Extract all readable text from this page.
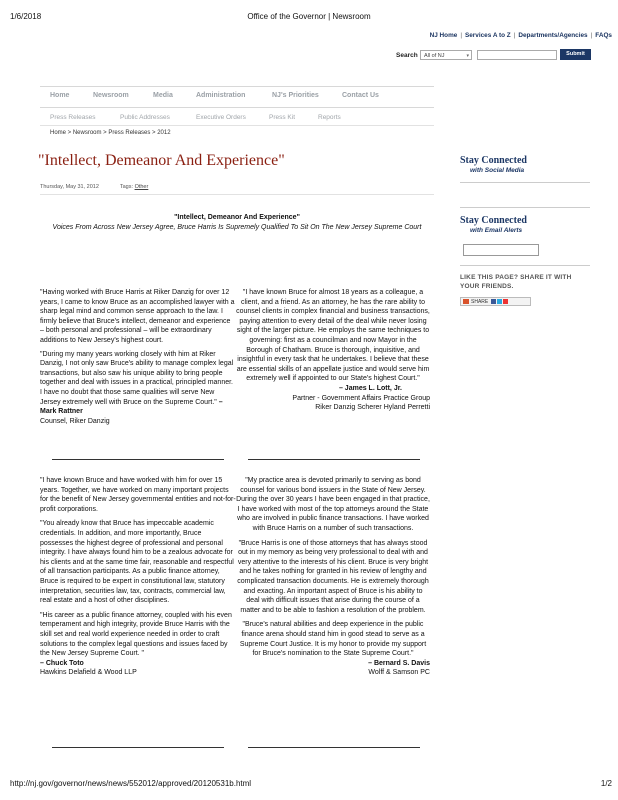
1/6/2018	Office of the Governor | Newsroom
NJ Home | Services A to Z | Departments/Agencies | FAQs
Search	All of NJ	▾	Submit
Home	Newsroom	Media	Administration	NJ's Priorities	Contact Us
Press Releases	Public Addresses	Executive Orders	Press Kit	Reports
Home > Newsroom > Press Releases > 2012
"Intellect, Demeanor And Experience"
Thursday, May 31, 2012	Tags: Other
Stay Connected
with Social Media
Stay Connected
with Email Alerts
LIKE THIS PAGE? SHARE IT WITH YOUR FRIENDS.
SHARE
"Intellect, Demeanor And Experience"
Voices From Across New Jersey Agree, Bruce Harris Is Supremely Qualified To Sit On The New Jersey Supreme Court

"Having worked with Bruce Harris at Riker Danzig for over 12 years, I came to know Bruce as an accomplished lawyer with a sharp legal mind and common sense approach to the law. I firmly believe that Bruce's intellect, demeanor and experience – both personal and professional – will be extraordinary additions to New Jersey's highest court.

"During my many years working closely with him at Riker Danzig, I not only saw Bruce's ability to manage complex legal transactions, but also saw his unique ability to bring people together and deal with issues in a practical, principled manner. I have no doubt that those same qualities will serve New Jersey extremely well with Bruce on the Supreme Court." – Mark Rattner

Counsel, Riker Danzig

"I have known Bruce for almost 18 years as a colleague, a client, and a friend. As an attorney, he has the rare ability to counsel clients in complex financial and business transactions, paying attention to every detail of the deal while never losing sight of the larger picture. He employs the same techniques to governing: first as a councilman and now Mayor in the Borough of Chatham. Bruce is thorough, inquisitive, and insightful in every task that he undertakes. I believe that these are essential skills of an appellate justice and would serve him extremely well if appointed to our State's highest Court."

– James L. Lott, Jr.

Partner - Government Affairs Practice Group

Riker Danzig Scherer Hyland Perretti

"I have known Bruce and have worked with him for over 15 years. Together, we have worked on many important projects for the benefit of New Jersey governmental entities and not-for-profit corporations.

"You already know that Bruce has impeccable academic credentials. In addition, and more importantly, Bruce possesses the highest degree of professional and personal integrity. I have always found him to be a zealous advocate for his clients and at the same time fair, reasonable and respectful of all transaction participants. As a public finance attorney, Bruce is required to be expert in constitutional law, statutory interpretation, securities law, tax, contracts, commercial law, real estate and a host of other disciplines.

"His career as a public finance attorney, coupled with his even temperament and high integrity, provide Bruce Harris with the skill set and real world experience needed in order to craft solutions to the complex legal questions and issues faced by the New Jersey Supreme Court. "

– Chuck Toto

Hawkins Delafield & Wood LLP

"My practice area is devoted primarily to serving as bond counsel for various bond issuers in the State of New Jersey. During the over 30 years I have been engaged in that practice, I have worked with most of the top attorneys around the State who are involved in public finance transactions. I have worked with Bruce Harris on a number of such transactions.

"Bruce Harris is one of those attorneys that has always stood out in my memory as being very professional to deal with and very attentive to the interests of his client. Bruce is very bright and he takes nothing for granted in his review of lengthy and complicated transaction documents. He is extremely thorough and exacting. An important aspect of Bruce is his ability to deal with difficult issues that arise during the course of a matter and to be able to fashion a resolution of the problem.

"Bruce's natural abilities and deep experience in the public finance arena should stand him in good stead to serve as a Supreme Court Justice. It is my honor to provide my support for Bruce's nomination to the State Supreme Court."

– Bernard S. Davis

Wolff & Samson PC

http://nj.gov/governor/news/news/552012/approved/20120531b.html	1/2
